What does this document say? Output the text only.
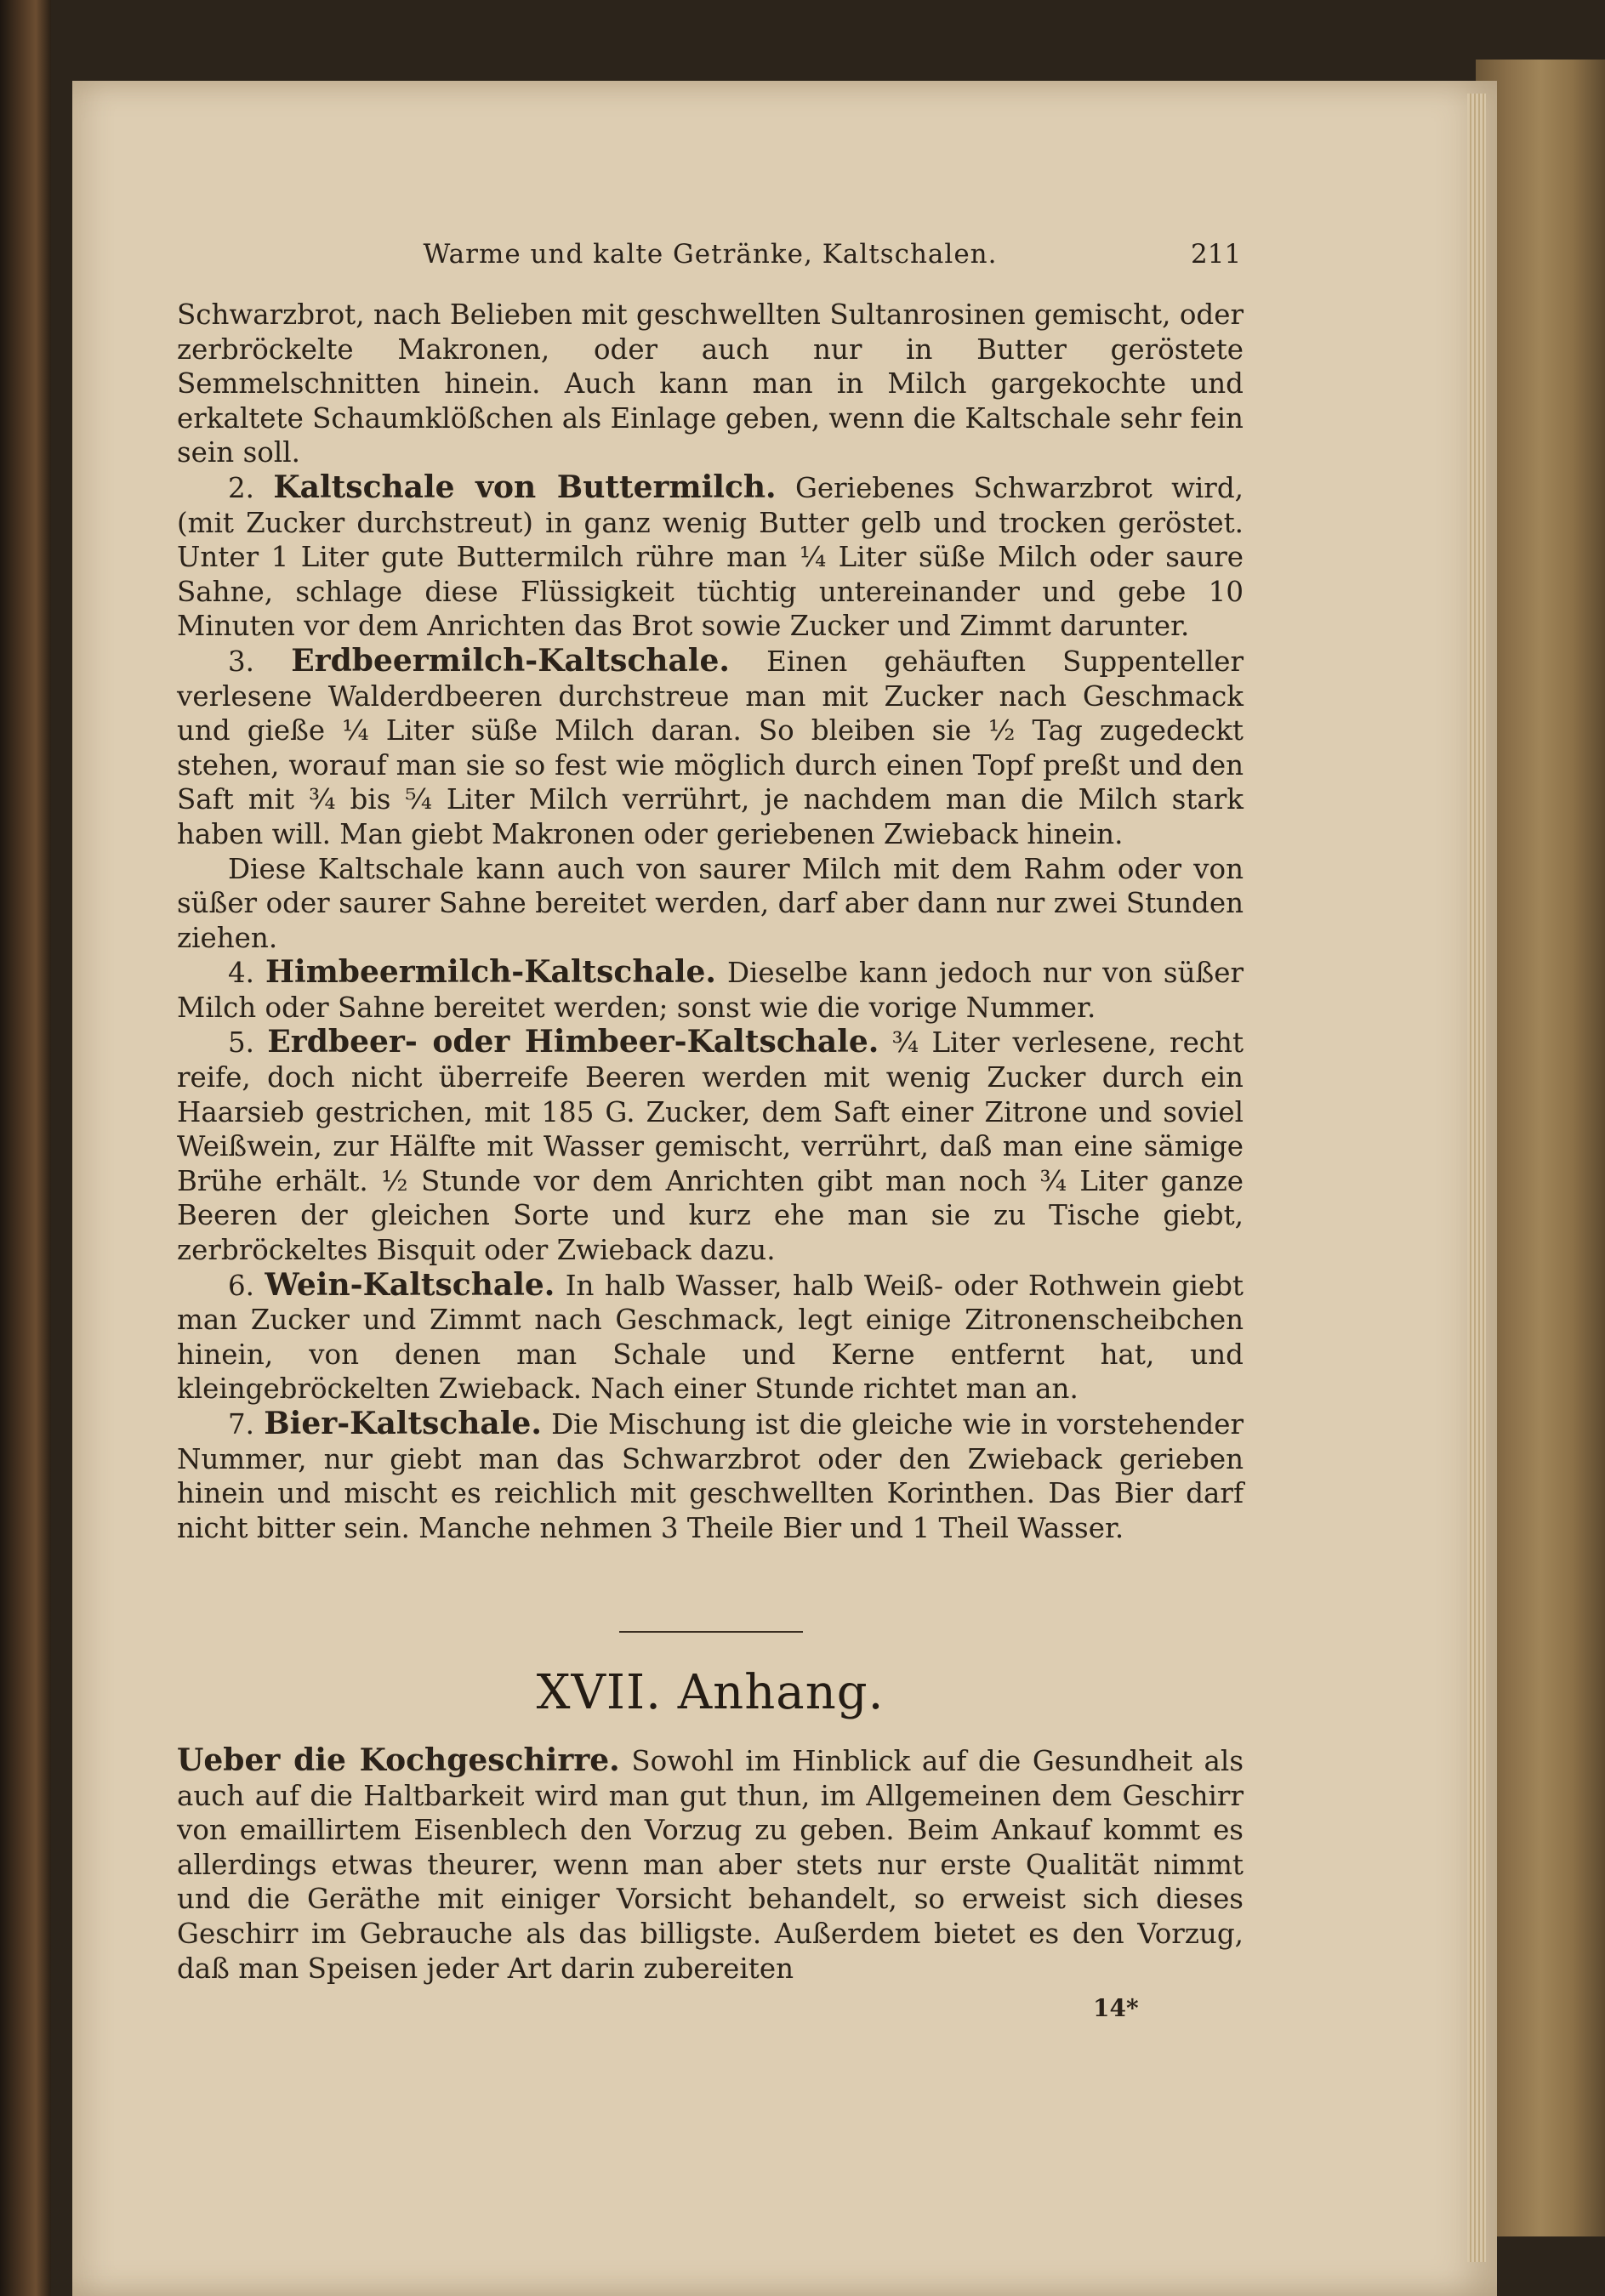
Warme und kalte Getränke, Kaltschalen.	211

Schwarzbrot, nach Belieben mit geschwellten Sultanrosinen gemischt, oder zerbröckelte Makronen, oder auch nur in Butter geröstete Semmelschnitten hinein. Auch kann man in Milch gargekochte und erkaltete Schaumklößchen als Einlage geben, wenn die Kaltschale sehr fein sein soll.

2. Kaltschale von Buttermilch. Geriebenes Schwarzbrot wird, (mit Zucker durchstreut) in ganz wenig Butter gelb und trocken geröstet. Unter 1 Liter gute Buttermilch rühre man ¼ Liter süße Milch oder saure Sahne, schlage diese Flüssigkeit tüchtig untereinander und gebe 10 Minuten vor dem Anrichten das Brot sowie Zucker und Zimmt darunter.

3. Erdbeermilch-Kaltschale. Einen gehäuften Suppenteller verlesene Walderdbeeren durchstreue man mit Zucker nach Geschmack und gieße ¼ Liter süße Milch daran. So bleiben sie ½ Tag zugedeckt stehen, worauf man sie so fest wie möglich durch einen Topf preßt und den Saft mit ¾ bis ⁵⁄₄ Liter Milch verrührt, je nachdem man die Milch stark haben will. Man giebt Makronen oder geriebenen Zwieback hinein.

Diese Kaltschale kann auch von saurer Milch mit dem Rahm oder von süßer oder saurer Sahne bereitet werden, darf aber dann nur zwei Stunden ziehen.

4. Himbeermilch-Kaltschale. Dieselbe kann jedoch nur von süßer Milch oder Sahne bereitet werden; sonst wie die vorige Nummer.

5. Erdbeer- oder Himbeer-Kaltschale. ¾ Liter verlesene, recht reife, doch nicht überreife Beeren werden mit wenig Zucker durch ein Haarsieb gestrichen, mit 185 G. Zucker, dem Saft einer Zitrone und soviel Weißwein, zur Hälfte mit Wasser gemischt, verrührt, daß man eine sämige Brühe erhält. ½ Stunde vor dem Anrichten gibt man noch ¾ Liter ganze Beeren der gleichen Sorte und kurz ehe man sie zu Tische giebt, zerbröckeltes Bisquit oder Zwieback dazu.

6. Wein-Kaltschale. In halb Wasser, halb Weiß- oder Rothwein giebt man Zucker und Zimmt nach Geschmack, legt einige Zitronenscheibchen hinein, von denen man Schale und Kerne entfernt hat, und kleingebröckelten Zwieback. Nach einer Stunde richtet man an.

7. Bier-Kaltschale. Die Mischung ist die gleiche wie in vorstehender Nummer, nur giebt man das Schwarzbrot oder den Zwieback gerieben hinein und mischt es reichlich mit geschwellten Korinthen. Das Bier darf nicht bitter sein. Manche nehmen 3 Theile Bier und 1 Theil Wasser.

XVII. Anhang.

Ueber die Kochgeschirre. Sowohl im Hinblick auf die Gesundheit als auch auf die Haltbarkeit wird man gut thun, im Allgemeinen dem Geschirr von emaillirtem Eisenblech den Vorzug zu geben. Beim Ankauf kommt es allerdings etwas theurer, wenn man aber stets nur erste Qualität nimmt und die Geräthe mit einiger Vorsicht behandelt, so erweist sich dieses Geschirr im Gebrauche als das billigste. Außerdem bietet es den Vorzug, daß man Speisen jeder Art darin zubereiten

14*
